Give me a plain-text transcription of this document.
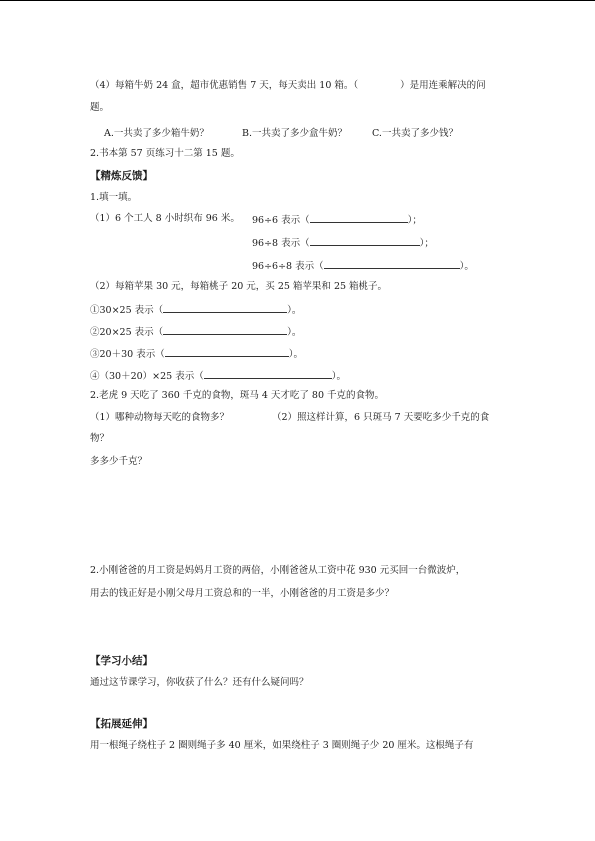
（4）每箱牛奶 24 盒，超市优惠销售 7 天，每天卖出 10 箱。（	）是用连乘解决的问
题。
A.一共卖了多少箱牛奶？	B.一共卖了多少盒牛奶？	C.一共卖了多少钱？
2.书本第 57 页练习十二第 15 题。
【精炼反馈】
1.填一填。
（1）6 个工人 8 小时织布 96 米。 96÷6 表示（	）；
96÷8 表示（	）；
96÷6÷8 表示（	）。
（2）每箱苹果 30 元，每箱桃子 20 元，买 25 箱苹果和 25 箱桃子。
①30×25 表示（	）。
②20×25 表示（	）。
③20＋30 表示（	）。
④（30＋20）×25 表示（	）。
2.老虎 9 天吃了 360 千克的食物，斑马 4 天才吃了 80 千克的食物。
（1）哪种动物每天吃的食物多？	（2）照这样计算，6 只斑马 7 天要吃多少千克的食
物？
多多少千克？
2.小刚爸爸的月工资是妈妈月工资的两倍，小刚爸爸从工资中花 930 元买回一台微波炉，
用去的钱正好是小刚父母月工资总和的一半，小刚爸爸的月工资是多少？
【学习小结】
通过这节课学习，你收获了什么？还有什么疑问吗？
【拓展延伸】
用一根绳子绕柱子 2 圈则绳子多 40 厘米，如果绕柱子 3 圈则绳子少 20 厘米。这根绳子有
